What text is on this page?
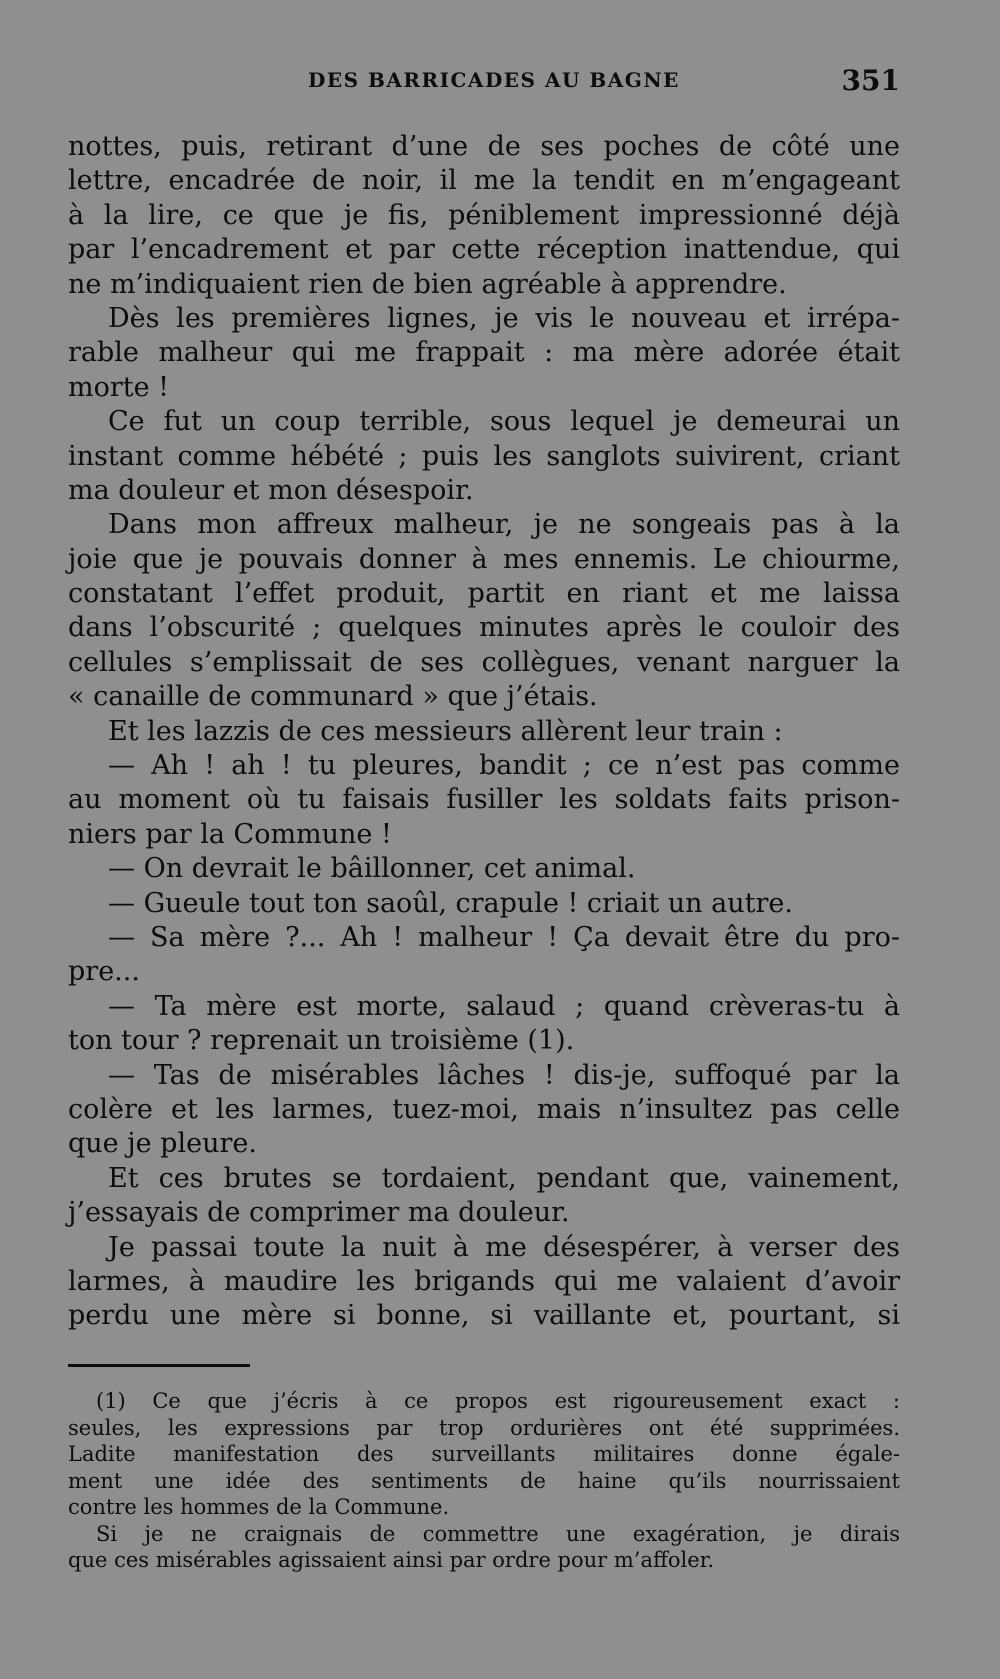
DES BARRICADES AU BAGNE	351
nottes, puis, retirant d’une de ses poches de côté une
lettre, encadrée de noir, il me la tendit en m’engageant
à la lire, ce que je fis, péniblement impressionné déjà
par l’encadrement et par cette réception inattendue, qui
ne m’indiquaient rien de bien agréable à apprendre.
Dès les premières lignes, je vis le nouveau et irrépa-
rable malheur qui me frappait : ma mère adorée était
morte !
Ce fut un coup terrible, sous lequel je demeurai un
instant comme hébété ; puis les sanglots suivirent, criant
ma douleur et mon désespoir.
Dans mon affreux malheur, je ne songeais pas à la
joie que je pouvais donner à mes ennemis. Le chiourme,
constatant l’effet produit, partit en riant et me laissa
dans l’obscurité ; quelques minutes après le couloir des
cellules s’emplissait de ses collègues, venant narguer la
« canaille de communard » que j’étais.
Et les lazzis de ces messieurs allèrent leur train :
— Ah ! ah ! tu pleures, bandit ; ce n’est pas comme
au moment où tu faisais fusiller les soldats faits prison-
niers par la Commune !
— On devrait le bâillonner, cet animal.
— Gueule tout ton saoûl, crapule ! criait un autre.
— Sa mère ?... Ah ! malheur ! Ça devait être du pro-
pre...
— Ta mère est morte, salaud ; quand crèveras-tu à
ton tour ? reprenait un troisième (1).
— Tas de misérables lâches ! dis-je, suffoqué par la
colère et les larmes, tuez-moi, mais n’insultez pas celle
que je pleure.
Et ces brutes se tordaient, pendant que, vainement,
j’essayais de comprimer ma douleur.
Je passai toute la nuit à me désespérer, à verser des
larmes, à maudire les brigands qui me valaient d’avoir
perdu une mère si bonne, si vaillante et, pourtant, si
(1) Ce que j’écris à ce propos est rigoureusement exact :
seules, les expressions par trop ordurières ont été supprimées.
Ladite manifestation des surveillants militaires donne égale-
ment une idée des sentiments de haine qu’ils nourrissaient
contre les hommes de la Commune.
Si je ne craignais de commettre une exagération, je dirais
que ces misérables agissaient ainsi par ordre pour m’affoler.
